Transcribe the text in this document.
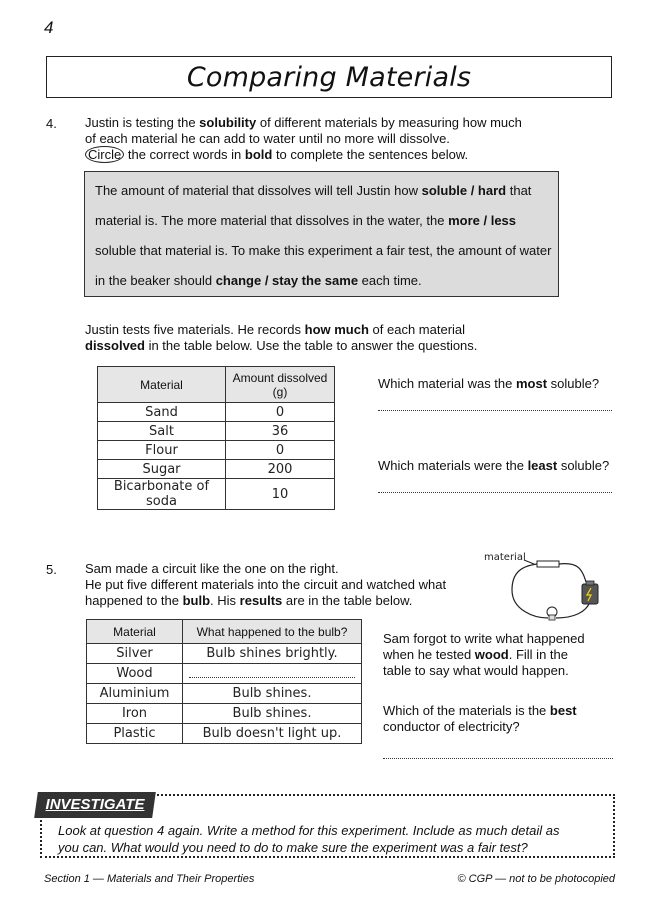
4
Comparing Materials
4. Justin is testing the solubility of different materials by measuring how much
of each material he can add to water until no more will dissolve.
Circle the correct words in bold to complete the sentences below.

The amount of material that dissolves will tell Justin how soluble / hard that

material is. The more material that dissolves in the water, the more / less

soluble that material is. To make this experiment a fair test, the amount of water

in the beaker should change / stay the same each time.

Justin tests five materials. He records how much of each material
dissolved in the table below. Use the table to answer the questions.
Material	Amount dissolved (g)
Sand	0
Salt	36
Flour	0
Sugar	200
Bicarbonate of soda	10
Which material was the most soluble?
Which materials were the least soluble?
5. Sam made a circuit like the one on the right.
He put five different materials into the circuit and watched what
happened to the bulb. His results are in the table below.
material
Material	What happened to the bulb?
Silver	Bulb shines brightly.
Wood	

Aluminium	Bulb shines.
Iron	Bulb shines.
Plastic	Bulb doesn't light up.
Sam forgot to write what happened
when he tested wood. Fill in the
table to say what would happen.
Which of the materials is the best
conductor of electricity?
INVESTIGATE
Look at question 4 again. Write a method for this experiment. Include as much detail as
you can. What would you need to do to make sure the experiment was a fair test?
Section 1 — Materials and Their Properties	© CGP — not to be photocopied
